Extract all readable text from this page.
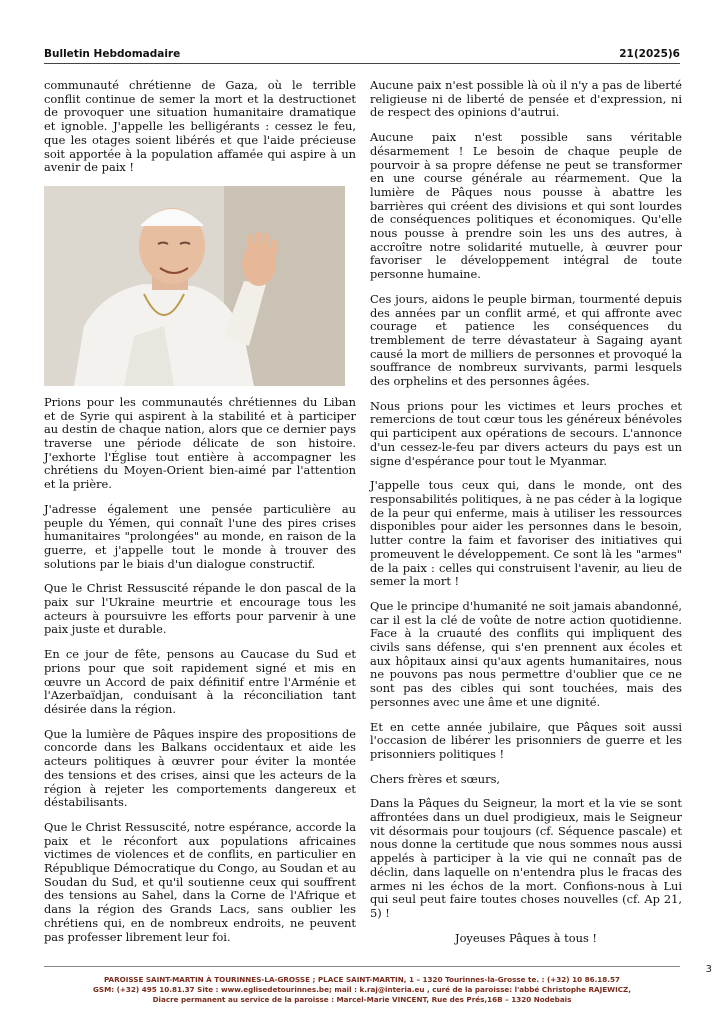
Bulletin Hebdomadaire	21(2025)6

communauté chrétienne de Gaza, où le terrible conflit continue de semer la mort et la destructionet de provoquer une situation humanitaire dramatique et ignoble. J'appelle les belligérants : cessez le feu, que les otages soient libérés et que l'aide précieuse soit apportée à la population affamée qui aspire à un avenir de paix !

Prions pour les communautés chrétiennes du Liban et de Syrie qui aspirent à la stabilité et à participer au destin de chaque nation, alors que ce dernier pays traverse une période délicate de son histoire. J'exhorte l'Église tout entière à accompagner les chrétiens du Moyen-Orient bien-aimé par l'attention et la prière.

J'adresse également une pensée particulière au peuple du Yémen, qui connaît l'une des pires crises humanitaires "prolongées" au monde, en raison de la guerre, et j'appelle tout le monde à trouver des solutions par le biais d'un dialogue constructif.

Que le Christ Ressuscité répande le don pascal de la paix sur l'Ukraine meurtrie et encourage tous les acteurs à poursuivre les efforts pour parvenir à une paix juste et durable.

En ce jour de fête, pensons au Caucase du Sud et prions pour que soit rapidement signé et mis en œuvre un Accord de paix définitif entre l'Arménie et l'Azerbaïdjan, conduisant à la réconciliation tant désirée dans la région.

Que la lumière de Pâques inspire des propositions de concorde dans les Balkans occidentaux et aide les acteurs politiques à œuvrer pour éviter la montée des tensions et des crises, ainsi que les acteurs de la région à rejeter les comportements dangereux et déstabilisants.

Que le Christ Ressuscité, notre espérance, accorde la paix et le réconfort aux populations africaines victimes de violences et de conflits, en particulier en République Démocratique du Congo, au Soudan et au Soudan du Sud, et qu'il soutienne ceux qui souffrent des tensions au Sahel, dans la Corne de l'Afrique et dans la région des Grands Lacs, sans oublier les chrétiens qui, en de nombreux endroits, ne peuvent pas professer librement leur foi.

Aucune paix n'est possible là où il n'y a pas de liberté religieuse ni de liberté de pensée et d'expression, ni de respect des opinions d'autrui.

Aucune paix n'est possible sans véritable désarmement ! Le besoin de chaque peuple de pourvoir à sa propre défense ne peut se transformer en une course générale au réarmement. Que la lumière de Pâques nous pousse à abattre les barrières qui créent des divisions et qui sont lourdes de conséquences politiques et économiques. Qu'elle nous pousse à prendre soin les uns des autres, à accroître notre solidarité mutuelle, à œuvrer pour favoriser le développement intégral de toute personne humaine.

Ces jours, aidons le peuple birman, tourmenté depuis des années par un conflit armé, et qui affronte avec courage et patience les conséquences du tremblement de terre dévastateur à Sagaing ayant causé la mort de milliers de personnes et provoqué la souffrance de nombreux survivants, parmi lesquels des orphelins et des personnes âgées.

Nous prions pour les victimes et leurs proches et remercions de tout cœur tous les généreux bénévoles qui participent aux opérations de secours. L'annonce d'un cessez-le-feu par divers acteurs du pays est un signe d'espérance pour tout le Myanmar.

J'appelle tous ceux qui, dans le monde, ont des responsabilités politiques, à ne pas céder à la logique de la peur qui enferme, mais à utiliser les ressources disponibles pour aider les personnes dans le besoin, lutter contre la faim et favoriser des initiatives qui promeuvent le développement. Ce sont là les "armes" de la paix : celles qui construisent l'avenir, au lieu de semer la mort !

Que le principe d'humanité ne soit jamais abandonné, car il est la clé de voûte de notre action quotidienne. Face à la cruauté des conflits qui impliquent des civils sans défense, qui s'en prennent aux écoles et aux hôpitaux ainsi qu'aux agents humanitaires, nous ne pouvons pas nous permettre d'oublier que ce ne sont pas des cibles qui sont touchées, mais des personnes avec une âme et une dignité.

Et en cette année jubilaire, que Pâques soit aussi l'occasion de libérer les prisonniers de guerre et les prisonniers politiques !

Chers frères et sœurs,

Dans la Pâques du Seigneur, la mort et la vie se sont affrontées dans un duel prodigieux, mais le Seigneur vit désormais pour toujours (cf. Séquence pascale) et nous donne la certitude que nous sommes nous aussi appelés à participer à la vie qui ne connaît pas de déclin, dans laquelle on n'entendra plus le fracas des armes ni les échos de la mort. Confions-nous à Lui qui seul peut faire toutes choses nouvelles (cf. Ap 21, 5) !

Joyeuses Pâques à tous !

3
PAROISSE SAINT-MARTIN À TOURINNES-LA-GROSSE ; PLACE SAINT-MARTIN, 1 – 1320 Tourinnes-la-Grosse te. : (+32) 10 86.18.57
GSM: (+32) 495 10.81.37 Site : www.eglisedetourinnes.be; mail : k.raj@interia.eu , curé de la paroisse: l'abbé Christophe RAJEWICZ,
Diacre permanent au service de la paroisse : Marcel-Marie VINCENT, Rue des Prés,16B – 1320 Nodebais
